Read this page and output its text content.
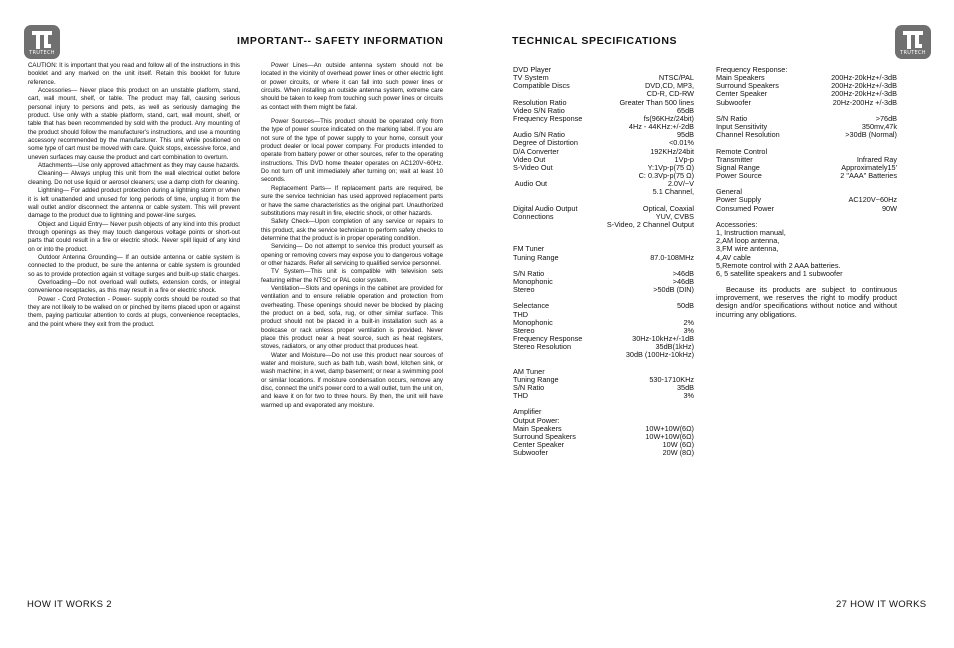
TRUTECH	TRUTECH
IMPORTANT-- SAFETY INFORMATION	TECHNICAL SPECIFICATIONS

CAUTION: It is important that you read and follow all of the instructions in this booklet and any marked on the unit itself. Retain this booklet for future reference.

Accessories— Never place this product on an unstable platform, stand, cart, wall mount, shelf, or table. The product may fall, causing serious personal injury to persons and pets, as well as seriously damaging the product. Use only with a stable platform, stand, cart, wall mount, shelf, or table that has been recommended by sold with the product. Any mounting of the product should follow the manufacturer's instructions, and use a mounting accessory recommended by the manufacturer. This unit while positioned on some type of cart must be moved with care. Quick stops, excessive force, and uneven surfaces may cause the product and cart combination to overturn.

Attachments—Use only approved attachment as they may cause hazards.

Cleaning— Always unplug this unit from the wall electrical outlet before cleaning. Do not use liquid or aerosol cleaners; use a damp cloth for cleaning.

Lightning— For added product protection during a lightning storm or when it is left unattended and unused for long periods of time, unplug it from the wall outlet and/or disconnect the antenna or cable system. This will prevent damage to the product due to lightning and power-line surges.

Object and Liquid Entry— Never push objects of any kind into this product through openings as they may touch dangerous voltage points or short-out parts that could result in a fire or electric shock. Never spill liquid of any kind on or into the product.

Outdoor Antenna Grounding— If an outside antenna or cable system is connected to the product, be sure the antenna or cable system is grounded so as to provide protection again st voltage surges and built-up static charges.

Overloading—Do not overload wall outlets, extension cords, or integral convenience receptacles, as this may result in a fire or electric shock.

Power - Cord Protection - Power- supply cords should be routed so that they are not likely to be walked on or pinched by items placed upon or against them, paying particular attention to cords at plugs, convenience receptacles, and the point where they exit from the product.

Power Lines—An outside antenna system should not be located in the vicinity of overhead power lines or other electric light or power circuits, or where it can fall into such power lines or circuits. When installing an outside antenna system, extreme care should be taken to keep from touching such power lines or circuits as contact with them might be fatal.

Power Sources—This product should be operated only from the type of power source indicated on the marking label. If you are not sure of the type of power supply to your home, consult your product dealer or local power company. For products intended to operate from battery power or other sources, refer to the operating instructions. This DVD home theater operates on AC120V~60Hz. Do not turn off unit immediately after turning on; wait at least 10 seconds.

Replacement Parts— If replacement parts are required, be sure the service technician has used approved replacement parts or have the same characteristics as the original part. Unauthorized substitutions may result in fire, electric shock, or other hazards.

Safety Check—Upon completion of any service or repairs to this product, ask the service technician to perform safety checks to determine that the product is in proper operating condition.

Servicing— Do not attempt to service this product yourself as opening or removing covers may expose you to dangerous voltage or other hazards. Refer all servicing to qualified service personnel.

TV System—This unit is compatible with television sets featuring either the NTSC or PAL color system.

Ventilation—Slots and openings in the cabinet are provided for ventilation and to ensure reliable operation and protection from overheating. These openings should never be blocked by placing the product on a bed, sofa, rug, or other similar surface. This product should not be placed in a built-in installation such as a bookcase or rack unless proper ventilation is provided. Never place this product near a heat source, such as heat registers, stoves, radiators, or any other product that produces heat.

Water and Moisture—Do not use this product near sources of water and moisture, such as bath tub, wash bowl, kitchen sink, or wash machine; in a wet, damp basement; or near a swimming pool or similar locations. If moisture condensation occurs, remove any disc, connect the unit's power cord to a wall outlet, turn the unit on, and leave it on for two to three hours. By then, the unit will have warmed up and evaporated any moisture.

DVD Player
TV System	NTSC/PAL
Compatible Discs	DVD,CD, MP3,
CD-R, CD-RW
Resolution Ratio	Greater Than 500 lines
Video S/N Ratio	65dB
Frequency Response	fs(96KHz/24bit)
4Hz - 44KHz:+/-2dB
Audio S/N Ratio	95dB
Degree of Distortion	<0.01%
D/A Converter	192KHz/24bit
Video Out	1Vp-p
S-Video Out	Y:1Vp-p(75 Ω)
C: 0.3Vp-p(75 Ω)
Audio Out	2.0V/~V
5.1 Channel,
Digital Audio Output	Optical, Coaxial
Connections	YUV, CVBS
S-Video, 2 Channel Output
FM Tuner
Tuning Range	87.0-108MHz
S/N Ratio	>46dB
Monophonic	>46dB
Stereo	>50dB (DIN)
Selectance	50dB
THD
Monophonic	2%
Stereo	3%
Frequency Response	30Hz-10kHz+/-1dB
Stereo Resolution	35dB(1kHz)
30dB (100Hz-10kHz)
AM Tuner
Tuning Range	530-1710KHz
S/N Ratio	35dB
THD	3%
Amplifier
Output Power:
Main Speakers	10W+10W(6Ω)
Surround Speakers	10W+10W(6Ω)
Center Speaker	10W (6Ω)
Subwoofer	20W (8Ω)
Frequency Response:
Main Speakers	200Hz-20kHz+/-3dB
Surround Speakers	200Hz-20kHz+/-3dB
Center Speaker	200Hz-20kHz+/-3dB
Subwoofer	20Hz-200Hz +/-3dB
S/N Ratio	>76dB
Input Sensitivity	350mv,47k
Channel Resolution	>30dB (Normal)
Remote Control
Transmitter	Infrared Ray
Signal Range	Approximately15'
Power Source	2 "AAA" Batteries
General
Power Supply	AC120V~60Hz
Consumed Power	90W
Accessories:
1, Instruction manual,
2,AM loop antenna,
3,FM wire antenna,
4,AV cable
5,Remote control with 2 AAA batteries.
6, 5 satellite speakers and 1 subwoofer
Because its products are subject to continuous improvement, we reserves the right to modify product design and/or specifications without notice and without incurring any obligations.
HOW IT WORKS 2	27 HOW IT WORKS
